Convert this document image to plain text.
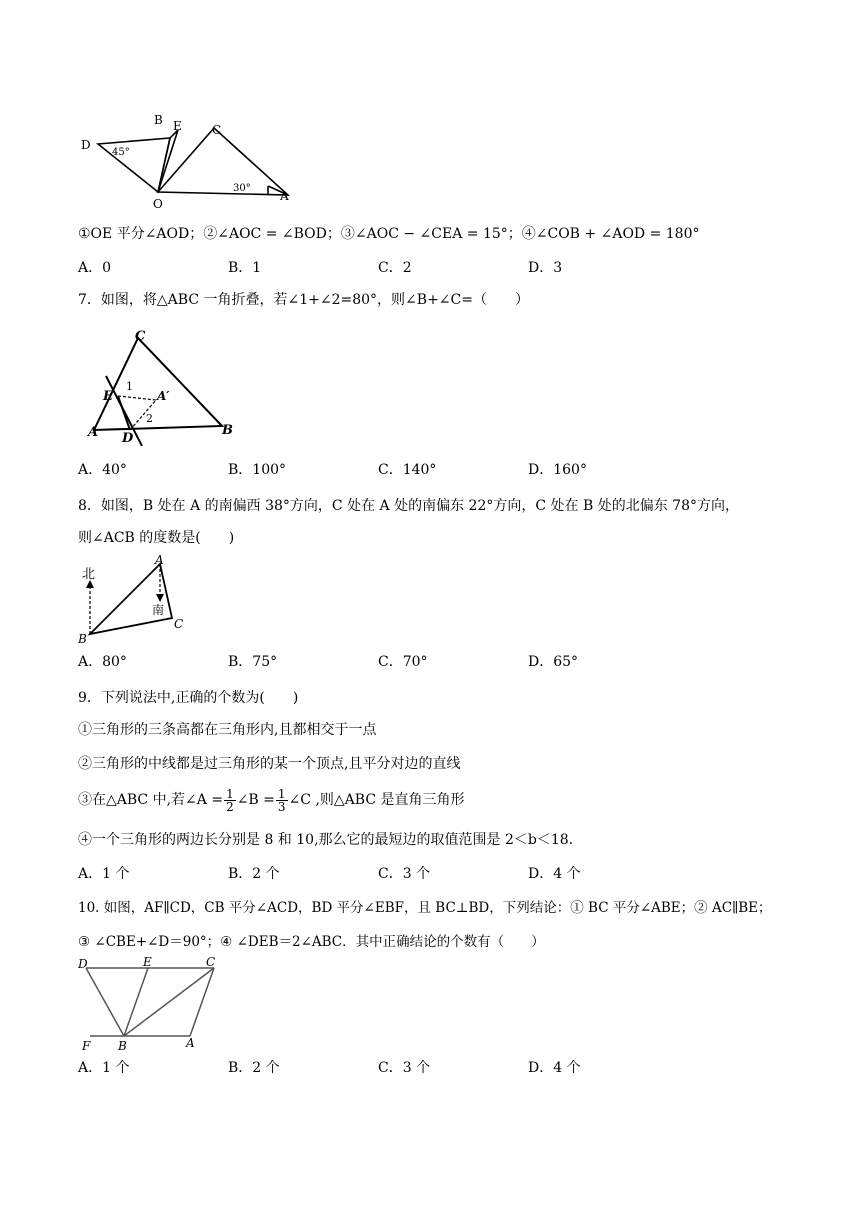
D
B E	C
O
A
45°
30°
①OE 平分∠AOD；②∠AOC = ∠BOD；③∠AOC − ∠CEA = 15°；④∠COB + ∠AOD = 180°
A．0	B．1	C．2	D．3
7．如图，将△ABC 一角折叠，若∠1+∠2=80°，则∠B+∠C=（　　）
C
E	A′
1
2
A D
B
A．40°	B．100°	C．140°	D．160°
8．如图，B 处在 A 的南偏西 38°方向，C 处在 A 处的南偏东 22°方向，C 处在 B 处的北偏东 78°方向，
则∠ACB 的度数是(　　)
北
南
A
B
C
A．80°	B．75°	C．70°	D．65°
9．下列说法中,正确的个数为(　　)
①三角形的三条高都在三角形内,且都相交于一点
②三角形的中线都是过三角形的某一个顶点,且平分对边的直线
③在△ABC 中,若∠A = $\frac{1}{2}$ ∠B = $\frac{1}{3}$ ∠C ,则△ABC 是直角三角形
④一个三角形的两边长分别是 8 和 10,那么它的最短边的取值范围是 2＜b＜18.
A．1 个	B．2 个	C．3 个	D．4 个
10. 如图，AF∥CD，CB 平分∠ACD，BD 平分∠EBF，且 BC⊥BD，下列结论：① BC 平分∠ABE；② AC∥BE；
③ ∠CBE+∠D＝90°；④ ∠DEB＝2∠ABC．其中正确结论的个数有（　　）
D	E	C
F B	A
A．1 个	B．2 个	C．3 个	D．4 个
